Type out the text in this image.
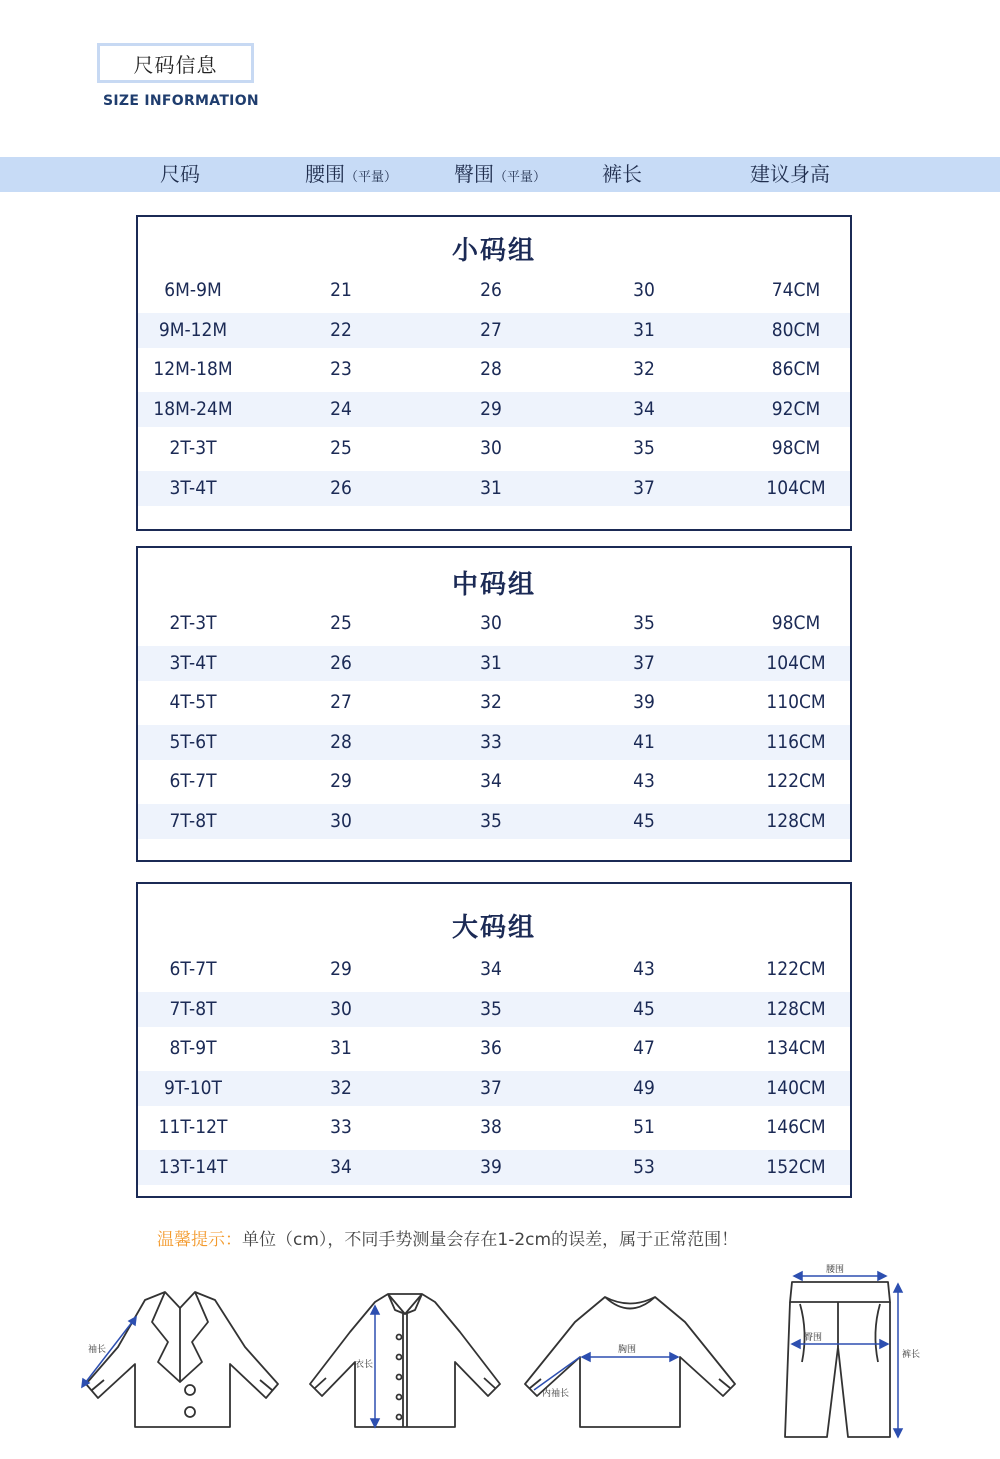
尺码信息
SIZE INFORMATION
尺码	腰围（平量）	臀围（平量）	裤长	建议身高
小码组
6M-9M	21	26	30	74CM
9M-12M	22	27	31	80CM
12M-18M	23	28	32	86CM
18M-24M	24	29	34	92CM
2T-3T	25	30	35	98CM
3T-4T	26	31	37	104CM
中码组
2T-3T	25	30	35	98CM
3T-4T	26	31	37	104CM
4T-5T	27	32	39	110CM
5T-6T	28	33	41	116CM
6T-7T	29	34	43	122CM
7T-8T	30	35	45	128CM
大码组
6T-7T	29	34	43	122CM
7T-8T	30	35	45	128CM
8T-9T	31	36	47	134CM
9T-10T	32	37	49	140CM
11T-12T	33	38	51	146CM
13T-14T	34	39	53	152CM
温馨提示：单位（cm），不同手势测量会存在1-2cm的误差，属于正常范围！
袖长
衣长
胸围
内袖长
腰围
臀围
裤长
